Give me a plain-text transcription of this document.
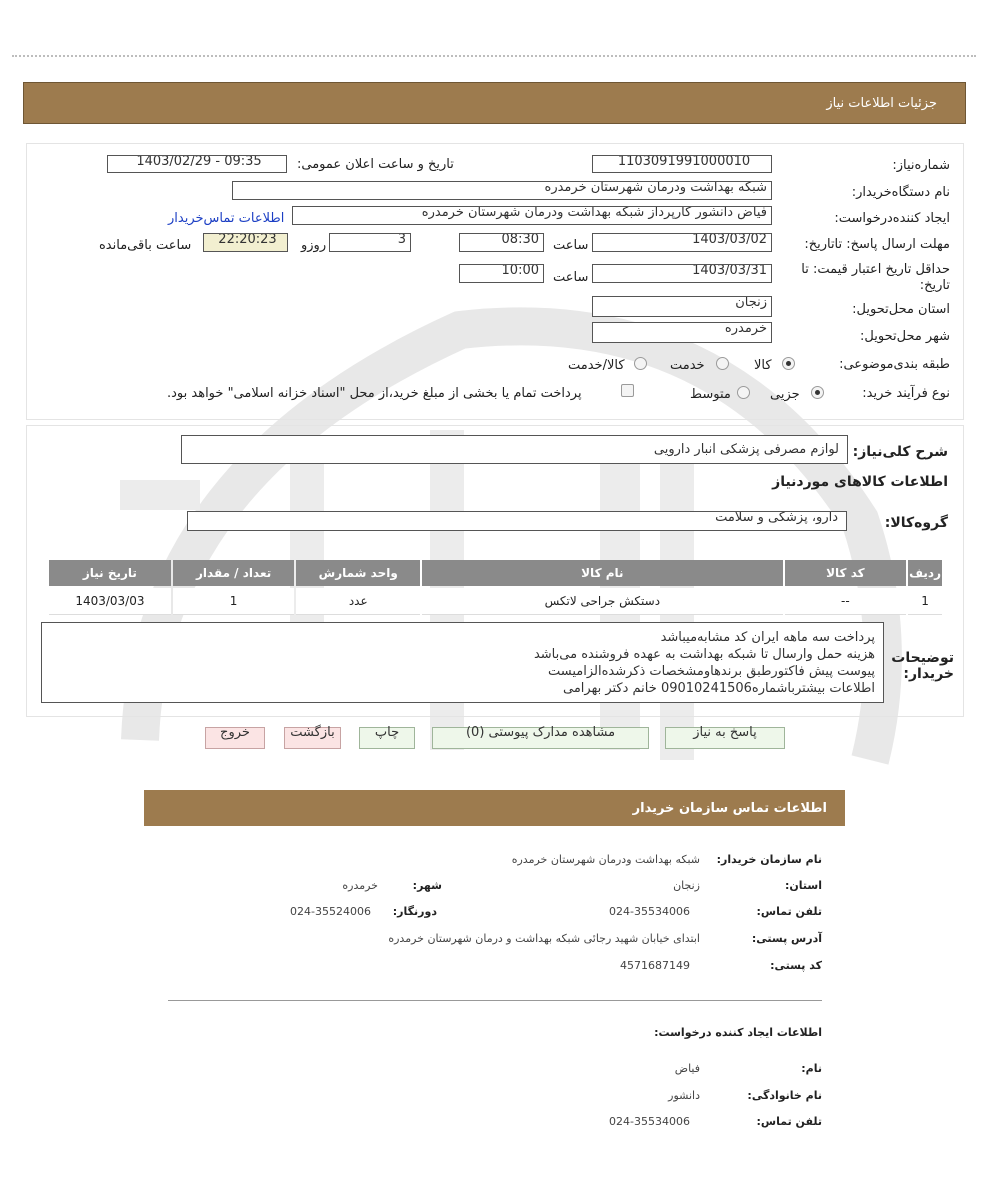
جزئیات اطلاعات نیاز
شماره‌نیاز:
1103091991000010
تاریخ و ساعت اعلان عمومی:
1403/02/29 - 09:35
نام دستگاه‌خریدار:
شبکه بهداشت ودرمان شهرستان خرمدره
ایجاد کننده‌درخواست:
فیاض دانشور کارپرداز شبکه بهداشت ودرمان شهرستان خرمدره
اطلاعات تماس‌خریدار
مهلت ارسال پاسخ: تاتاریخ:
1403/03/02
ساعت
08:30
3
روزو
22:20:23
ساعت باقی‌مانده
حداقل تاریخ اعتبار قیمت: تا تاریخ:
1403/03/31
ساعت
10:00
استان محل‌تحویل:
زنجان
شهر محل‌تحویل:
خرمدره
طبقه بندی‌موضوعی:
کالا
خدمت
کالا/خدمت
نوع فرآیند خرید:
جزیی
متوسط
پرداخت تمام یا بخشی از مبلغ خرید،از محل "اسناد خزانه اسلامی" خواهد بود.
شرح کلی‌نیاز:
لوازم مصرفی پزشکی انبار دارویی
اطلاعات کالاهای مورد‌نیاز
گروه‌کالا:
دارو، پزشکی و سلامت
ردیف	کد کالا	نام کالا	واحد شمارش	تعداد / مقدار	تاریخ نیاز
1	--	دستکش جراحی لاتکس	عدد	1	1403/03/03
توضیحات خریدار:
پرداخت سه ماهه ایران کد مشابه‌میباشد
هزینه حمل وارسال تا شبکه بهداشت به عهده فروشنده می‌باشد
پیوست پیش فاکتورطبق برندهاومشخصات ذکرشده‌الزامیست
اطلاعات بیشتربا‌شماره09010241506 خانم دکتر بهرامی
پاسخ به نیاز
مشاهده مدارک پیوستی (0)
چاپ
بازگشت
خروج
اطلاعات تماس سازمان خریدار
نام سازمان خریدار:
شبکه بهداشت ودرمان شهرستان خرمدره
استان:
زنجان
شهر:
خرمدره
تلفن تماس:
024-35534006
دورنگار:
024-35524006
آدرس پستی:
ابتدای خیابان شهید رجائی شبکه بهداشت و درمان شهرستان خرمدره
کد پستی:
4571687149
اطلاعات ایجاد کننده درخواست:
نام:
فیاض
نام خانوادگی:
دانشور
تلفن تماس:
024-35534006
